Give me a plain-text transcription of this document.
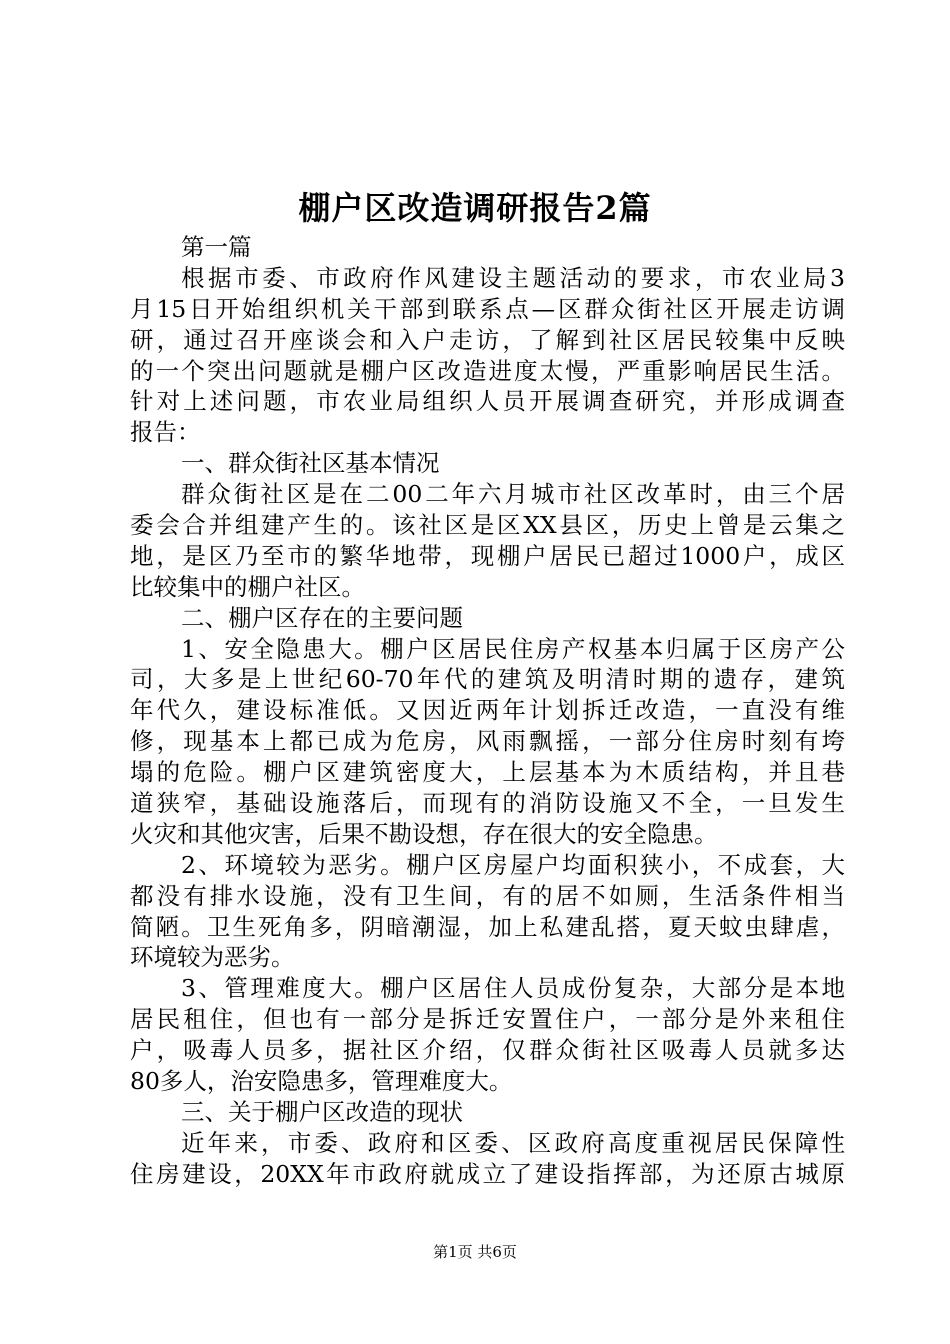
棚户区改造调研报告2篇
第一篇
根据市委、市政府作风建设主题活动的要求，市农业局3
月15日开始组织机关干部到联系点—区群众街社区开展走访调
研，通过召开座谈会和入户走访，了解到社区居民较集中反映
的一个突出问题就是棚户区改造进度太慢，严重影响居民生活。
针对上述问题，市农业局组织人员开展调查研究，并形成调查
报告：
一、群众街社区基本情况
群众街社区是在二00二年六月城市社区改革时，由三个居
委会合并组建产生的。该社区是区XX县区，历史上曾是云集之
地，是区乃至市的繁华地带，现棚户居民已超过1000户，成区
比较集中的棚户社区。
二、棚户区存在的主要问题
1、安全隐患大。棚户区居民住房产权基本归属于区房产公
司，大多是上世纪60-70年代的建筑及明清时期的遗存，建筑
年代久，建设标准低。又因近两年计划拆迁改造，一直没有维
修，现基本上都已成为危房，风雨飘摇，一部分住房时刻有垮
塌的危险。棚户区建筑密度大，上层基本为木质结构，并且巷
道狭窄，基础设施落后，而现有的消防设施又不全，一旦发生
火灾和其他灾害，后果不勘设想，存在很大的安全隐患。
2、环境较为恶劣。棚户区房屋户均面积狭小，不成套，大
都没有排水设施，没有卫生间，有的居不如厕，生活条件相当
简陋。卫生死角多，阴暗潮湿，加上私建乱搭，夏天蚊虫肆虐，
环境较为恶劣。
3、管理难度大。棚户区居住人员成份复杂，大部分是本地
居民租住，但也有一部分是拆迁安置住户，一部分是外来租住
户，吸毒人员多，据社区介绍，仅群众街社区吸毒人员就多达
80多人，治安隐患多，管理难度大。
三、关于棚户区改造的现状
近年来，市委、政府和区委、区政府高度重视居民保障性
住房建设，20XX年市政府就成立了建设指挥部，为还原古城原
第1页 共6页
